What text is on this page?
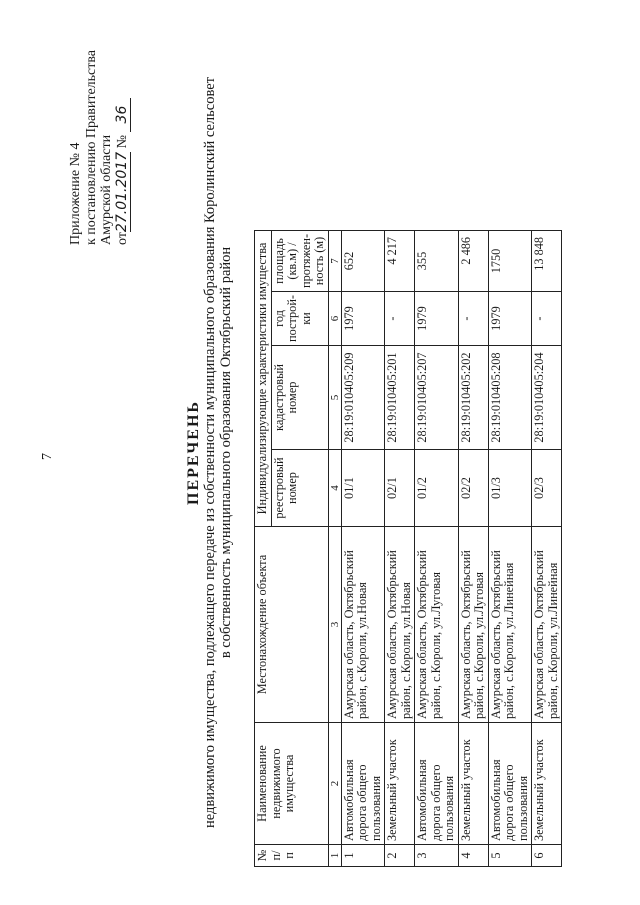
7
Приложение № 4 к постановлению Правительства Амурской области от27.01.2017 № 36
ПЕРЕЧЕНЬ недвижимого имущества, подлежащего передаче из собственности муниципального образования Королинский сельсовет в собственность муниципального образования Октябрьский район
№ п/п	Наименование недвижимого имущества	Местонахождение объекта	Индивидуализирующие характеристики имущества			
			реестровый номер	кадастровый номер	год построй-ки	площадь (кв.м) / протяжен-ность (м)
1	2	3	4	5	6	7
1	Автомобильная дорога общего пользования	Амурская область, Октябрьский район, с.Короли, ул.Новая	01/1	28:19:010405:209	1979	652
2	Земельный участок	Амурская область, Октябрьский район, с.Короли, ул.Новая	02/1	28:19:010405:201	-	4 217
3	Автомобильная дорога общего пользования	Амурская область, Октябрьский район, с.Короли, ул.Луговая	01/2	28:19:010405:207	1979	355
4	Земельный участок	Амурская область, Октябрьский район, с.Короли, ул.Луговая	02/2	28:19:010405:202	-	2 486
5	Автомобильная дорога общего пользования	Амурская область, Октябрьский район, с.Короли, ул.Линейная	01/3	28:19:010405:208	1979	1750
6	Земельный участок	Амурская область, Октябрьский район, с.Короли, ул.Линейная	02/3	28:19:010405:204	-	13 848
